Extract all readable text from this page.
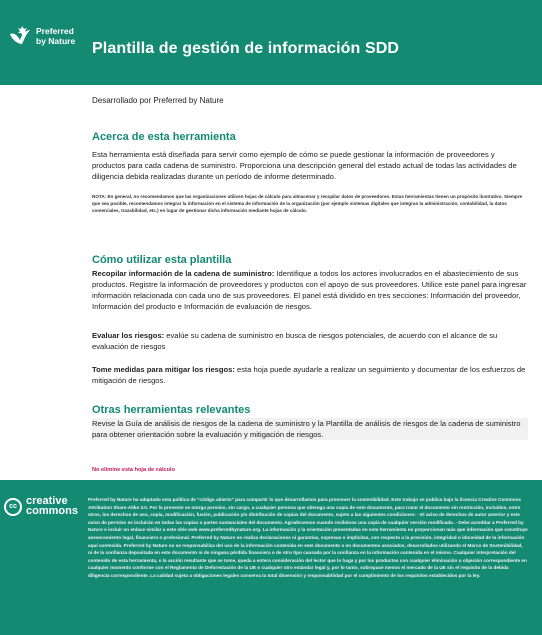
Preferred
by Nature Plantilla de gestión de información SDD

Desarrollado por Preferred by Nature

Acerca de esta herramienta

Esta herramienta está diseñada para servir como ejemplo de cómo se puede gestionar la información de proveedores y productos para cada cadena de suministro. Proporciona una descripción general del estado actual de todas las actividades de diligencia debida realizadas durante un período de informe determinado.

NOTA: En general, no recomendamos que las organizaciones utilicen hojas de cálculo para almacenar y recopilar datos de proveedores. Estas herramientas tienen un propósito ilustrativo. Siempre que sea posible, recomendamos integrar la información en el sistema de información de la organización (por ejemplo sistemas digitales que integran la administración, contabilidad, la datos comerciales, trazabilidad, etc.) en lugar de gestionar dicha información mediante hojas de cálculo.

Cómo utilizar esta plantilla

Recopilar información de la cadena de suministro: Identifique a todos los actores involucrados en el abastecimiento de sus productos. Registre la información de proveedores y productos con el apoyo de sus proveedores. Utilice este panel para ingresar información relacionada con cada uno de sus proveedores. El panel está dividido en tres secciones: Información del proveedor, Información del producto e Información de evaluación de riesgos.

Evaluar los riesgos: evalúe su cadena de suministro en busca de riesgos potenciales, de acuerdo con el alcance de su evaluación de riesgos

Tome medidas para mitigar los riesgos: esta hoja puede ayudarle a realizar un seguimiento y documentar de los esfuerzos de mitigación de riesgos.

Otras herramientas relevantes

Revise la Guía de análisis de riesgos de la cadena de suministro y la Plantilla de análisis de riesgos de la cadena de suministro para obtener orientación sobre la evaluación y mitigación de riesgos.

No elimine esta hoja de cálculo
cc creative
commons
Preferred by Nature ha adaptado esta política de "código abierto" para compartir lo que desarrollamos para promover la sostenibilidad. Este trabajo se publica bajo la licencia Creative Commons Attribution Share-Alike 3.0. Por lo presente se otorga permiso, sin cargo, a cualquier persona que obtenga una copia de este documento, para tratar el documento sin restricción, incluidos, entre otros, los derechos de uso, copia, modificación, fusión, publicación y/o distribución de copias del documento, sujeto a las siguientes condiciones: - El aviso de derechos de autor anterior y este aviso de permiso se incluirán en todas las copias o partes sustanciales del documento. Agradecemos cuando recibimos una copia de cualquier versión modificada. - Debe acreditar a Preferred by Nature e incluir un enlace similar a este sitio web www.preferredbynature.org. La información y la orientación presentadas en esta herramienta no proporcionan más que información que constituye asesoramiento legal, financiero o profesional. Preferred by Nature no realiza declaraciones ni garantías, expresas o implícitas, con respecto a la precisión, integridad o idoneidad de la información aquí contenida. Preferred by Nature no se responsabiliza del uso de la información contenida en este documento o en documentos asociados, desarrollados utilizando el Marco de Sostenibilidad, ni de la confianza depositada en este documento ni de ninguna pérdida financiera o de otro tipo causada por la confianza en la información contenida en el mismo. Cualquier interpretación del contenido de esta herramienta, o la acción resultante que se tome, queda a entera consideración del lector que lo haga y por los productos con cualquier eliminación u objeción correspondiente en cualquier momento conforme con el Reglamento de Deforestación de la UE o cualquier otro estándar legal y, por lo tanto, sobrepase menos el mercado de la UE sin el requisito de la debida diligencia correspondiente. La calidad sujeta a obligaciones legales conserva la total dimensión y responsabilidad por el cumplimiento de los requisitos establecidos por la ley.
